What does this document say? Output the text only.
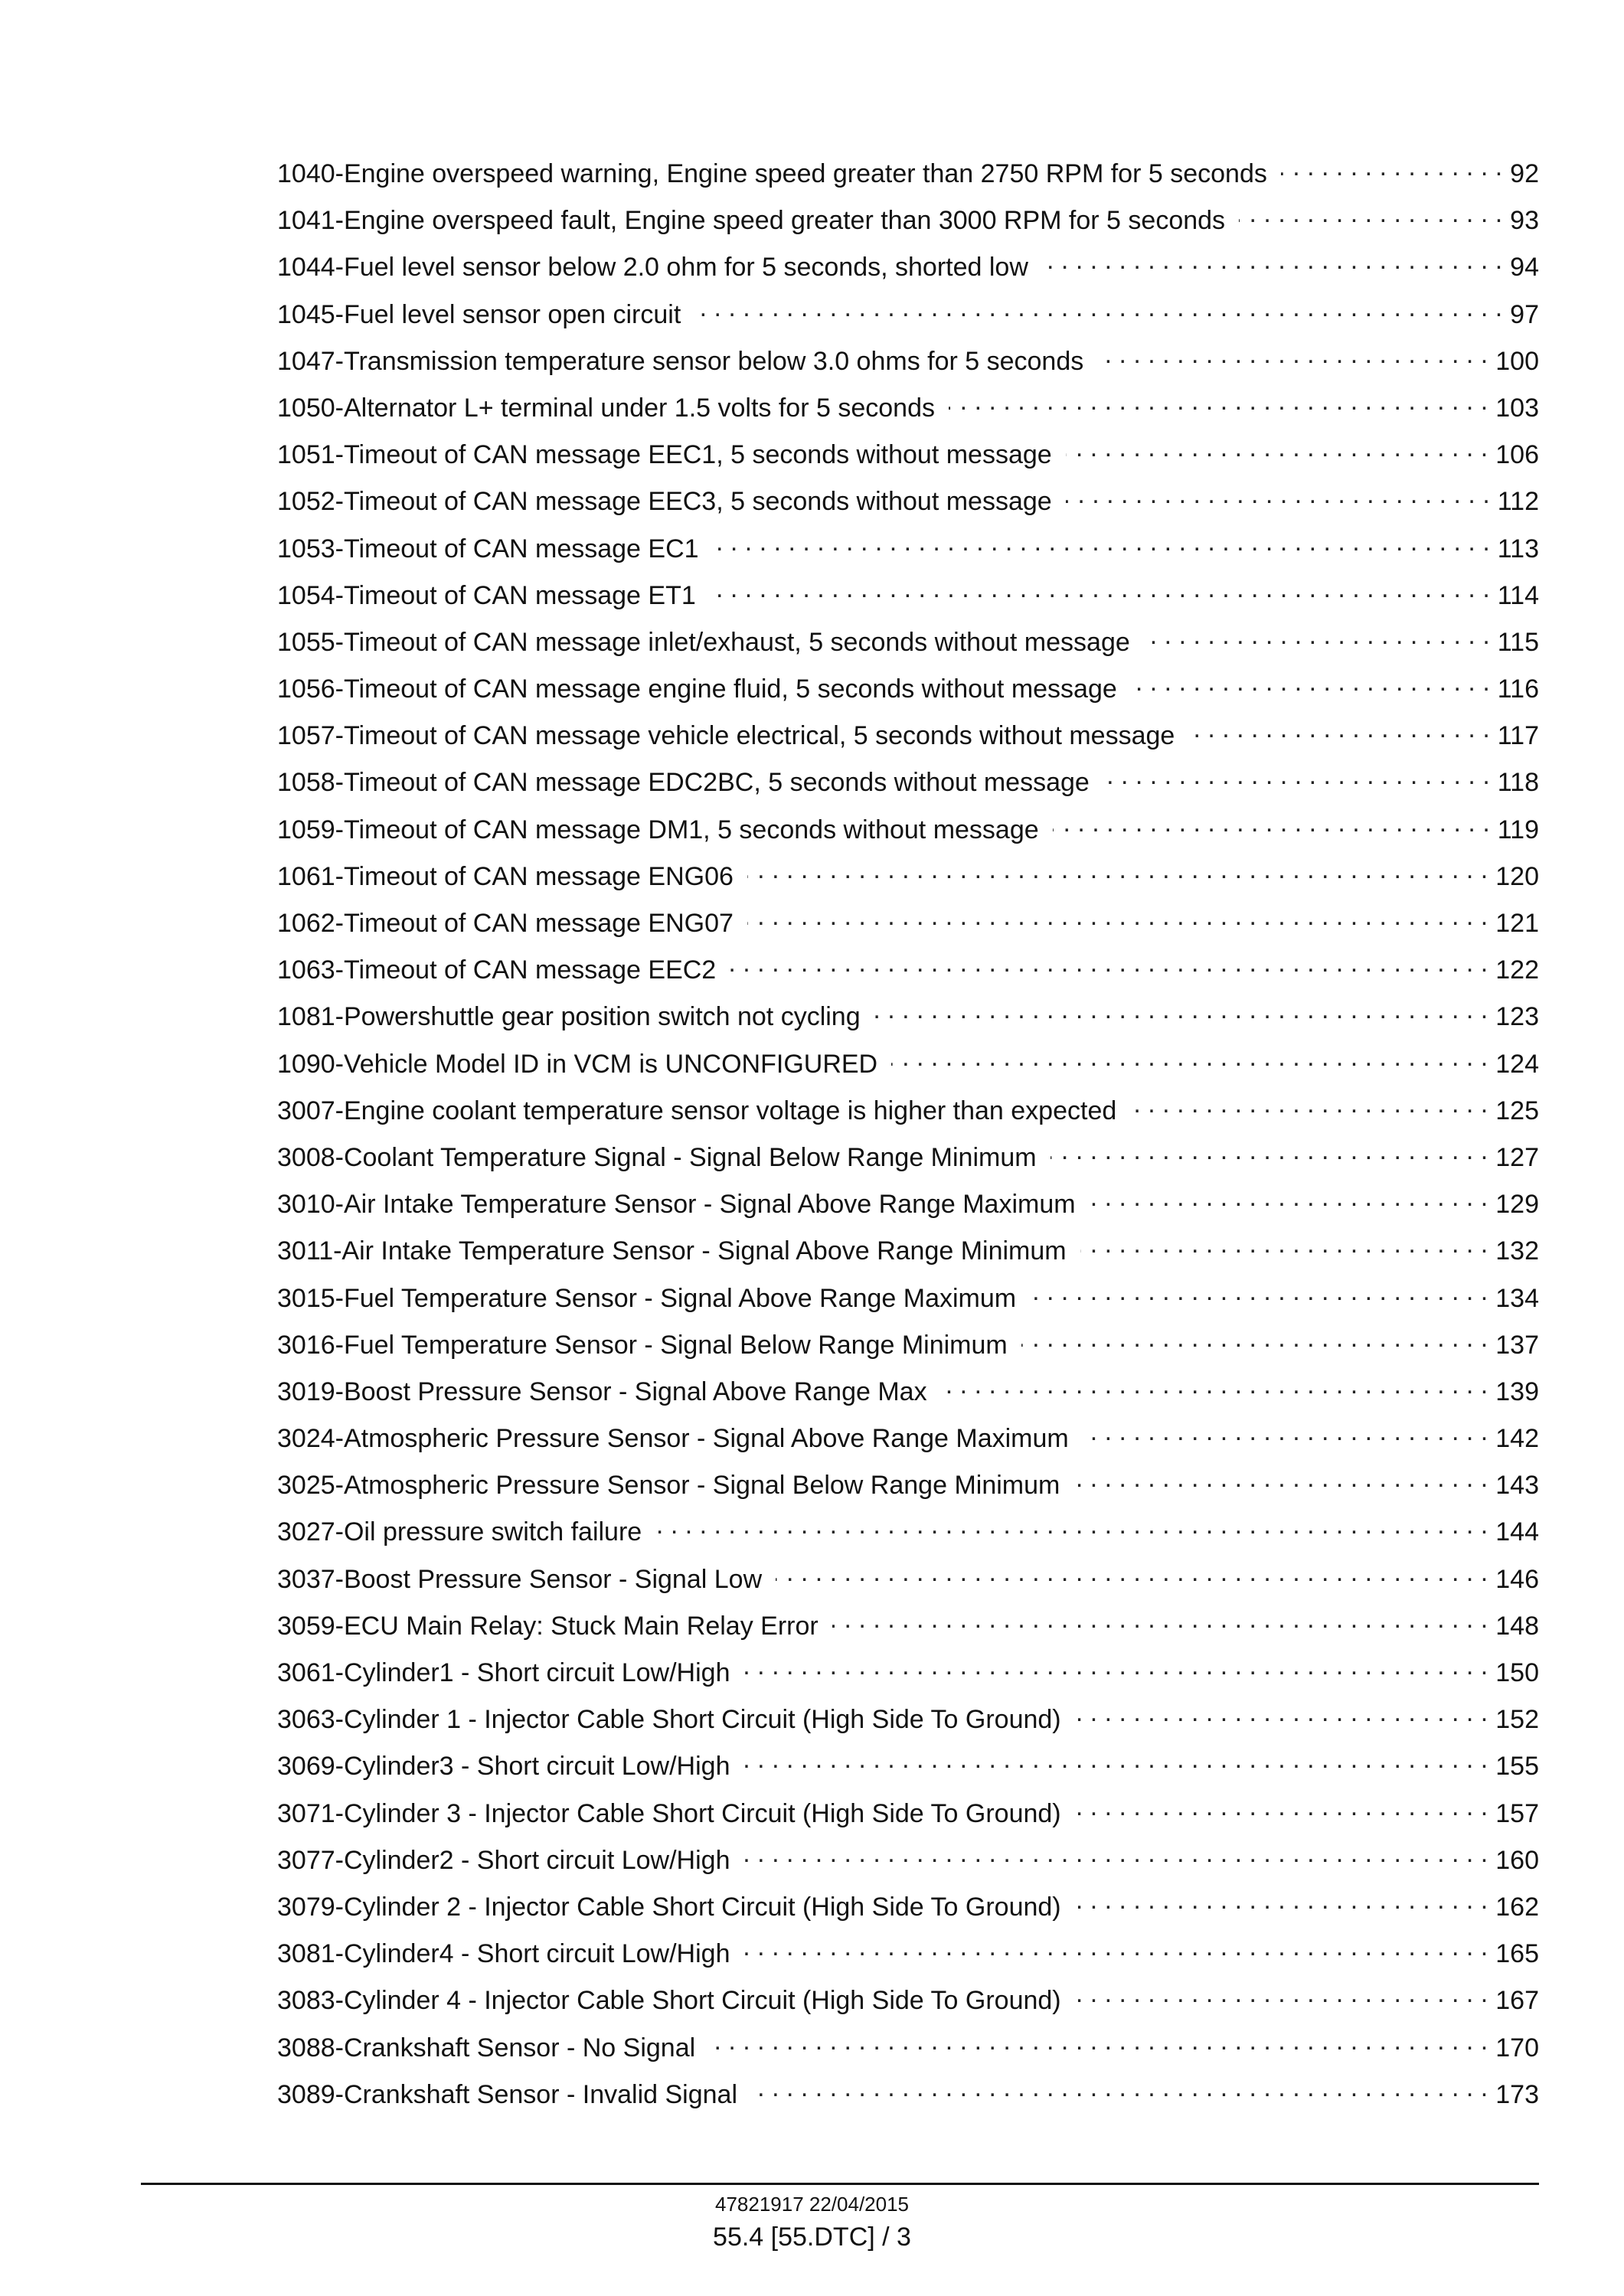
1040-Engine overspeed warning, Engine speed greater than 2750 RPM for 5 seconds . . .	92
1041-Engine overspeed fault, Engine speed greater than 3000 RPM for 5 seconds . . .	93
1044-Fuel level sensor below 2.0 ohm for 5 seconds, shorted low . . .	94
1045-Fuel level sensor open circuit . . .	97
1047-Transmission temperature sensor below 3.0 ohms for 5 seconds . . .	100
1050-Alternator L+ terminal under 1.5 volts for 5 seconds . . .	103
1051-Timeout of CAN message EEC1, 5 seconds without message . . .	106
1052-Timeout of CAN message EEC3, 5 seconds without message . . .	112
1053-Timeout of CAN message EC1 . . .	113
1054-Timeout of CAN message ET1 . . .	114
1055-Timeout of CAN message inlet/exhaust, 5 seconds without message . . .	115
1056-Timeout of CAN message engine fluid, 5 seconds without message . . .	116
1057-Timeout of CAN message vehicle electrical, 5 seconds without message . . .	117
1058-Timeout of CAN message EDC2BC, 5 seconds without message . . .	118
1059-Timeout of CAN message DM1, 5 seconds without message . . .	119
1061-Timeout of CAN message ENG06 . . .	120
1062-Timeout of CAN message ENG07 . . .	121
1063-Timeout of CAN message EEC2 . . .	122
1081-Powershuttle gear position switch not cycling . . .	123
1090-Vehicle Model ID in VCM is UNCONFIGURED . . .	124
3007-Engine coolant temperature sensor voltage is higher than expected . . .	125
3008-Coolant Temperature Signal - Signal Below Range Minimum . . .	127
3010-Air Intake Temperature Sensor - Signal Above Range Maximum . . .	129
3011-Air Intake Temperature Sensor - Signal Above Range Minimum . . .	132
3015-Fuel Temperature Sensor - Signal Above Range Maximum . . .	134
3016-Fuel Temperature Sensor - Signal Below Range Minimum . . .	137
3019-Boost Pressure Sensor - Signal Above Range Max . . .	139
3024-Atmospheric Pressure Sensor - Signal Above Range Maximum . . .	142
3025-Atmospheric Pressure Sensor - Signal Below Range Minimum . . .	143
3027-Oil pressure switch failure . . .	144
3037-Boost Pressure Sensor - Signal Low . . .	146
3059-ECU Main Relay: Stuck Main Relay Error . . .	148
3061-Cylinder1 - Short circuit Low/High . . .	150
3063-Cylinder 1 - Injector Cable Short Circuit (High Side To Ground) . . .	152
3069-Cylinder3 - Short circuit Low/High . . .	155
3071-Cylinder 3 - Injector Cable Short Circuit (High Side To Ground) . . .	157
3077-Cylinder2 - Short circuit Low/High . . .	160
3079-Cylinder 2 - Injector Cable Short Circuit (High Side To Ground) . . .	162
3081-Cylinder4 - Short circuit Low/High . . .	165
3083-Cylinder 4 - Injector Cable Short Circuit (High Side To Ground) . . .	167
3088-Crankshaft Sensor - No Signal . . .	170
3089-Crankshaft Sensor - Invalid Signal . . .	173
47821917 22/04/2015
55.4 [55.DTC] / 3
